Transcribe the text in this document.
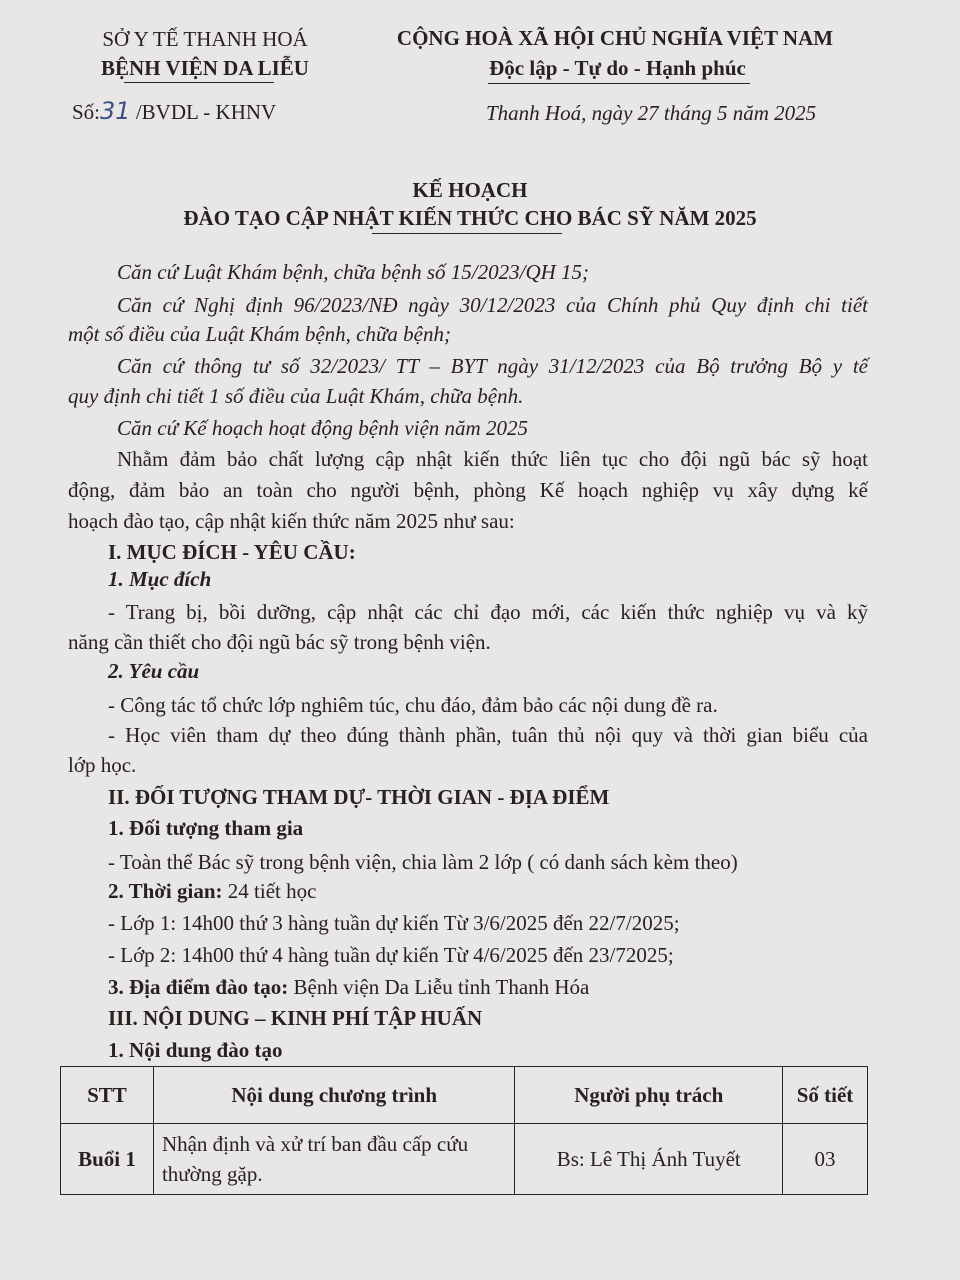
SỞ Y TẾ THANH HOÁ
BỆNH VIỆN DA LIỄU
Số:31 /BVDL - KHNV
CỘNG HOÀ XÃ HỘI CHỦ NGHĨA VIỆT NAM
Độc lập - Tự do - Hạnh phúc
Thanh Hoá, ngày 27 tháng 5 năm 2025
KẾ HOẠCH
ĐÀO TẠO CẬP NHẬT KIẾN THỨC CHO BÁC SỸ NĂM 2025
Căn cứ Luật Khám bệnh, chữa bệnh số 15/2023/QH 15;
Căn cứ Nghị định 96/2023/NĐ ngày 30/12/2023 của Chính phủ Quy định chi tiết
một số điều của Luật Khám bệnh, chữa bệnh;
Căn cứ thông tư số 32/2023/ TT – BYT ngày 31/12/2023 của Bộ trưởng Bộ y tế
quy định chi tiết 1 số điều của Luật Khám, chữa bệnh.
Căn cứ Kế hoạch hoạt động bệnh viện năm 2025
Nhằm đảm bảo chất lượng cập nhật kiến thức liên tục cho đội ngũ bác sỹ hoạt
động, đảm bảo an toàn cho người bệnh, phòng Kế hoạch nghiệp vụ xây dựng kế
hoạch đào tạo, cập nhật kiến thức năm 2025 như sau:
I. MỤC ĐÍCH - YÊU CẦU:
1. Mục đích
- Trang bị, bồi dưỡng, cập nhật các chỉ đạo mới, các kiến thức nghiệp vụ và kỹ
năng cần thiết cho đội ngũ bác sỹ trong bệnh viện.
2. Yêu cầu
- Công tác tổ chức lớp nghiêm túc, chu đáo, đảm bảo các nội dung đề ra.
- Học viên tham dự theo đúng thành phần, tuân thủ nội quy và thời gian biểu của
lớp học.
II. ĐỐI TƯỢNG THAM DỰ- THỜI GIAN - ĐỊA ĐIỂM
1. Đối tượng tham gia
- Toàn thể Bác sỹ trong bệnh viện, chia làm 2 lớp ( có danh sách kèm theo)
2. Thời gian: 24 tiết học
- Lớp 1: 14h00 thứ 3 hàng tuần dự kiến Từ 3/6/2025 đến 22/7/2025;
- Lớp 2: 14h00 thứ 4 hàng tuần dự kiến Từ 4/6/2025 đến 23/72025;
3. Địa điểm đào tạo: Bệnh viện Da Liễu tỉnh Thanh Hóa
III. NỘI DUNG – KINH PHÍ TẬP HUẤN
1. Nội dung đào tạo
STT	Nội dung chương trình	Người phụ trách	Số tiết
Buổi 1	Nhận định và xử trí ban đầu cấp cứu thường gặp.	Bs: Lê Thị Ánh Tuyết	03
